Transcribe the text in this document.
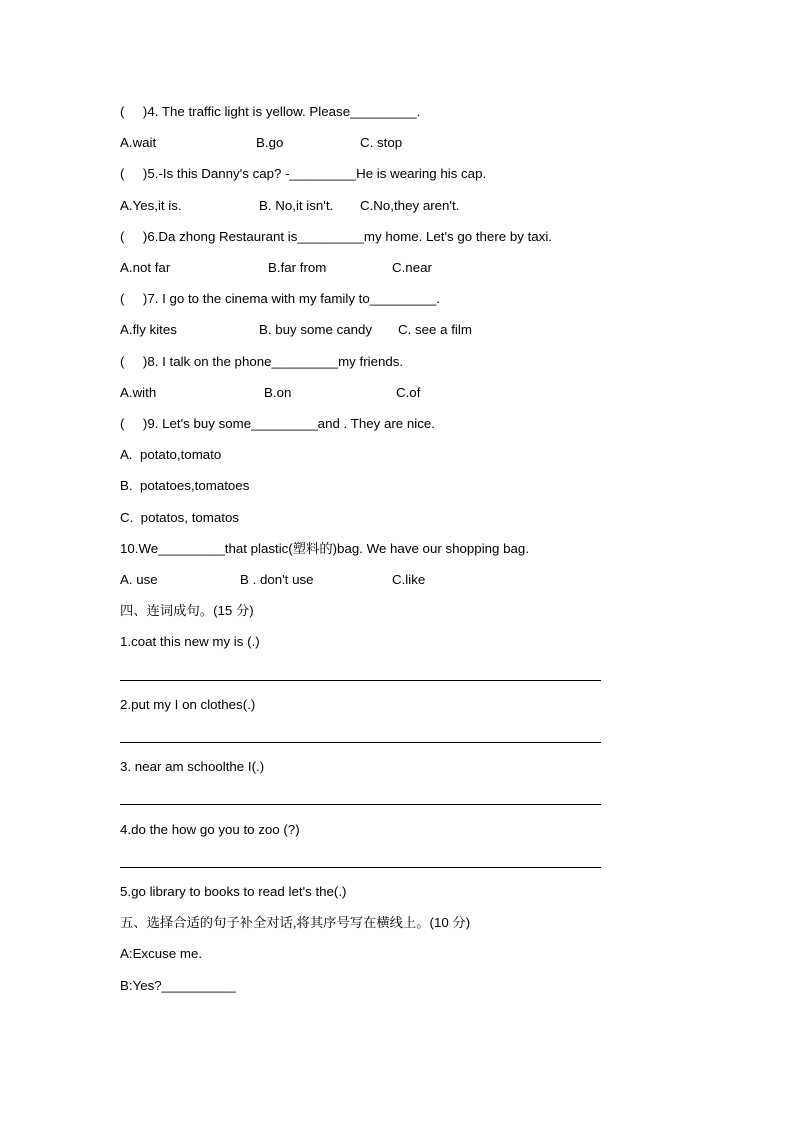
(     )4. The traffic light is yellow. Please_________.
A.wait	B.go	C. stop
(     )5.-Is this Danny's cap? -_________He is wearing his cap.
A.Yes,it is.	B. No,it isn't. C.No,they aren't.
(     )6.Da zhong Restaurant is_________my home. Let's go there by taxi.
A.not far	B.far from	C.near
(     )7. I go to the cinema with my family to_________.
A.fly kites	B. buy some candy C. see a film
(     )8. I talk on the phone_________my friends.
A.with	B.on	C.of
(     )9. Let's buy some_________and . They are nice.
A.  potato,tomato
B.  potatoes,tomatoes
C.  potatos, tomatos
10.We_________that plastic(塑料的)bag. We have our shopping bag.
A. use	B . don't use	C.like
四、连词成句。(15 分)
1.coat this new my is (.)
2.put my I on clothes(.)
3. near am schoolthe I(.)
4.do the how go you to zoo (?)
5.go library to books to read let's the(.)
五、选择合适的句子补全对话,将其序号写在横线上。(10 分)
A:Excuse me.
B:Yes?__________
